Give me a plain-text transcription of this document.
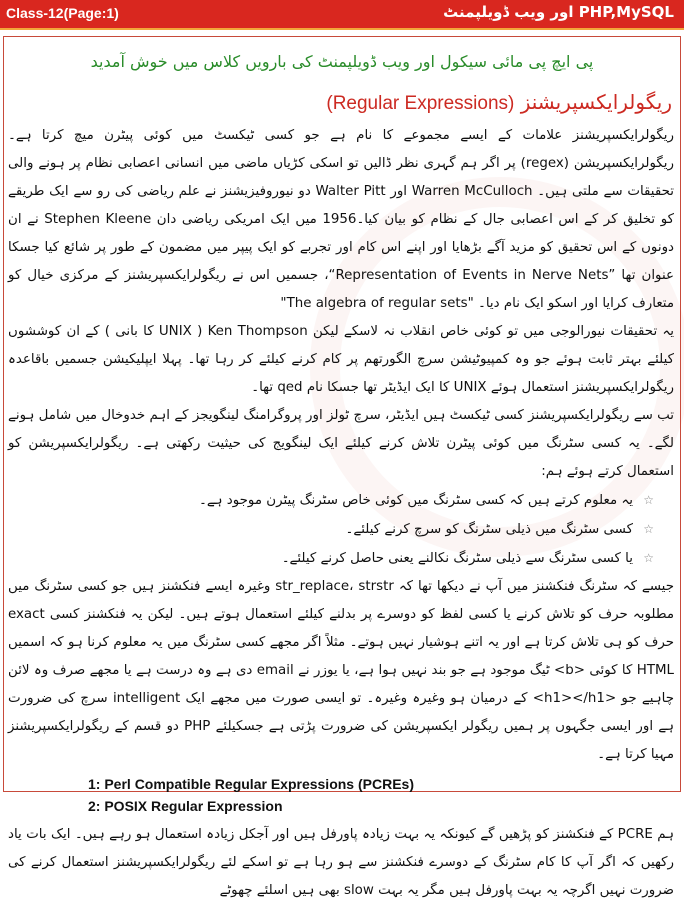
Class-12(Page:1)	PHP,MySQL اور ویب ڈویلپمنٹ
پی ایچ پی مائی سیکول اور ویب ڈویلپمنٹ کی بارویں کلاس میں خوش آمدید
ریگولرایکسپریشنز (Regular Expressions)

ریگولرایکسپریشنز علامات کے ایسے مجموعے کا نام ہے جو کسی ٹیکسٹ میں کوئی پیٹرن میچ کرتا ہے۔ ریگولرایکسپریشن (regex) پر اگر ہم گہری نظر ڈالیں تو اسکی کڑیاں ماضی میں انسانی اعصابی نظام پر ہونے والی تحقیقات سے ملتی ہیں۔ Warren McCulloch اور Walter Pitt دو نیوروفیزیشنز نے علم ریاضی کی رو سے ایک طریقے کو تخلیق کر کے اس اعصابی جال کے نظام کو بیان کیا۔1956 میں ایک امریکی ریاضی دان Stephen Kleene نے ان دونوں کے اس تحقیق کو مزید آگے بڑھایا اور اپنے اس کام اور تجربے کو ایک پیپر میں مضمون کے طور پر شائع کیا جسکا عنوان تھا ”Representation of Events in Nerve Nets“، جسمیں اس نے ریگولرایکسپریشنز کے مرکزی خیال کو متعارف کرایا اور اسکو ایک نام دیا۔ "The algebra of regular sets"

یہ تحقیقات نیورالوجی میں تو کوئی خاص انقلاب نہ لاسکے لیکن Ken Thompson ( UNIX کا بانی ) کے ان کوششوں کیلئے بہتر ثابت ہوئے جو وہ کمپیوٹیشن سرچ الگورتھم پر کام کرنے کیلئے کر رہا تھا۔ پہلا ایپلیکیشن جسمیں باقاعدہ ریگولرایکسپریشنز استعمال ہوئے UNIX کا ایک ایڈیٹر تھا جسکا نام qed تھا۔

تب سے ریگولرایکسپریشنز کسی ٹیکسٹ ہیں ایڈیٹر، سرچ ٹولز اور پروگرامنگ لینگویجز کے اہم خدوخال میں شامل ہونے لگے۔ یہ کسی سٹرنگ میں کوئی پیٹرن تلاش کرنے کیلئے ایک لینگویج کی حیثیت رکھتی ہے۔ ریگولرایکسپریشن کو استعمال کرتے ہوئے ہم:

☆ یہ معلوم کرتے ہیں کہ کسی سٹرنگ میں کوئی خاص سٹرنگ پیٹرن موجود ہے۔

☆ کسی سٹرنگ میں ذیلی سٹرنگ کو سرچ کرنے کیلئے۔

☆ یا کسی سٹرنگ سے ذیلی سٹرنگ نکالنے یعنی حاصل کرنے کیلئے۔

جیسے کہ سٹرنگ فنکشنز میں آپ نے دیکھا تھا کہ str_replace، strstr وغیرہ ایسے فنکشنز ہیں جو کسی سٹرنگ میں مطلوبہ حرف کو تلاش کرنے یا کسی لفظ کو دوسرے پر بدلنے کیلئے استعمال ہوتے ہیں۔ لیکن یہ فنکشنز کسی exact حرف کو ہی تلاش کرتا ہے اور یہ اتنے ہوشیار نہیں ہوتے۔ مثلاً اگر مجھے کسی سٹرنگ میں یہ معلوم کرنا ہو کہ اسمیں HTML کا کوئی <b> ٹیگ موجود ہے جو بند نہیں ہوا ہے، یا یوزر نے email دی ہے وہ درست ہے یا مجھے صرف وہ لائن چاہیے جو <h1></h1> کے درمیان ہو وغیرہ وغیرہ۔ تو ایسی صورت میں مجھے ایک intelligent سرچ کی ضرورت ہے اور ایسی جگہوں پر ہمیں ریگولر ایکسپریشن کی ضرورت پڑتی ہے جسکیلئے PHP دو قسم کے ریگولرایکسپریشنز مہیا کرتا ہے۔

1: Perl Compatible Regular Expressions (PCREs)
2: POSIX Regular Expression

ہم PCRE کے فنکشنز کو پڑھیں گے کیونکہ یہ بہت زیادہ پاورفل ہیں اور آجکل زیادہ استعمال ہو رہے ہیں۔ ایک بات یاد رکھیں کہ اگر آپ کا کام سٹرنگ کے دوسرے فنکشنز سے ہو رہا ہے تو اسکے لئے ریگولرایکسپریشنز استعمال کرنے کی ضرورت نہیں اگرچہ یہ بہت پاورفل ہیں مگر یہ بہت slow بھی ہیں اسلئے چھوٹے
